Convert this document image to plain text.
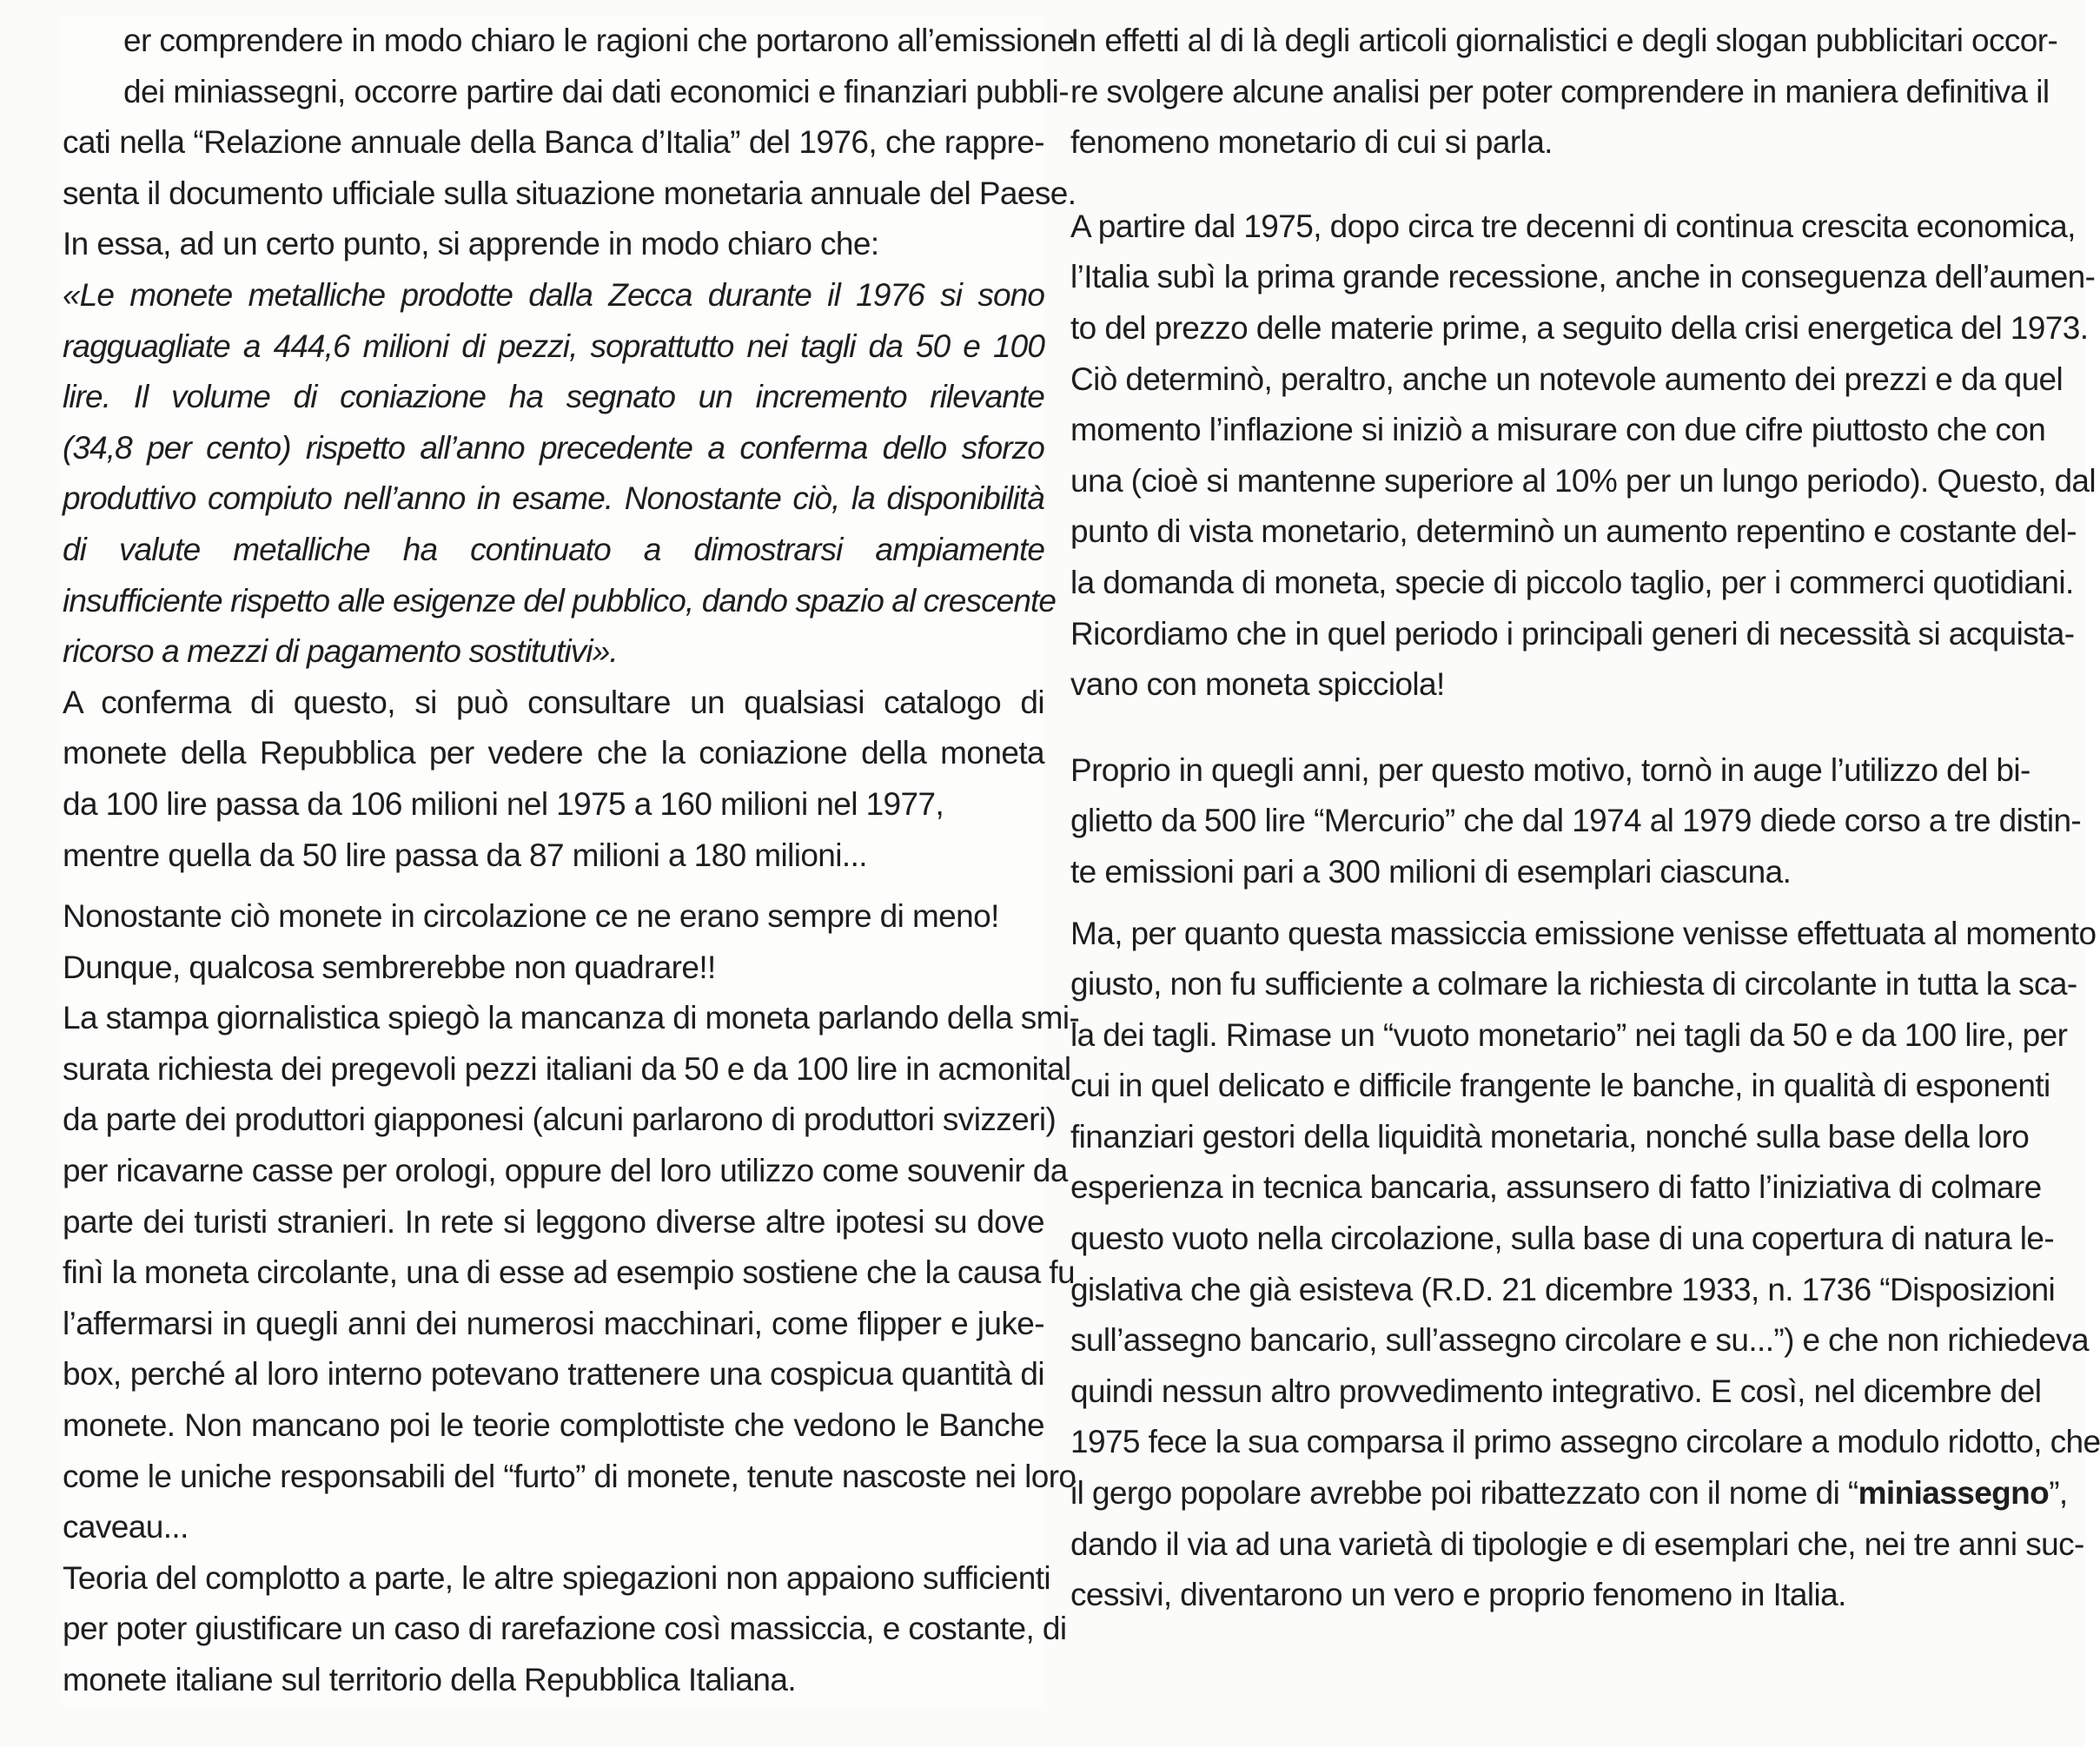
er comprendere in modo chiaro le ragioni che portarono all’emissione
dei miniassegni, occorre partire dai dati economici e finanziari pubbli-
cati nella “Relazione annuale della Banca d’Italia” del 1976, che rappre-
senta il documento ufficiale sulla situazione monetaria annuale del Paese.
In essa, ad un certo punto, si apprende in modo chiaro che:
«Le monete metalliche prodotte dalla Zecca durante il 1976 si sono
ragguagliate a 444,6 milioni di pezzi, soprattutto nei tagli da 50 e 100
lire. Il volume di coniazione ha segnato un incremento rilevante
(34,8 per cento) rispetto all’anno precedente a conferma dello sforzo
produttivo compiuto nell’anno in esame. Nonostante ciò, la disponibilità
di valute metalliche ha continuato a dimostrarsi ampiamente
insufficiente rispetto alle esigenze del pubblico, dando spazio al crescente
ricorso a mezzi di pagamento sostitutivi».
A conferma di questo, si può consultare un qualsiasi catalogo di
monete della Repubblica per vedere che la coniazione della moneta
da 100 lire passa da 106 milioni nel 1975 a 160 milioni nel 1977,
mentre quella da 50 lire passa da 87 milioni a 180 milioni...
Nonostante ciò monete in circolazione ce ne erano sempre di meno!
Dunque, qualcosa sembrerebbe non quadrare!!
La stampa giornalistica spiegò la mancanza di moneta parlando della smi-
surata richiesta dei pregevoli pezzi italiani da 50 e da 100 lire in acmonital
da parte dei produttori giapponesi (alcuni parlarono di produttori svizzeri)
per ricavarne casse per orologi, oppure del loro utilizzo come souvenir da
parte dei turisti stranieri. In rete si leggono diverse altre ipotesi su dove
finì la moneta circolante, una di esse ad esempio sostiene che la causa fu
l’affermarsi in quegli anni dei numerosi macchinari, come flipper e juke-
box, perché al loro interno potevano trattenere una cospicua quantità di
monete. Non mancano poi le teorie complottiste che vedono le Banche
come le uniche responsabili del “furto” di monete, tenute nascoste nei loro
caveau...
Teoria del complotto a parte, le altre spiegazioni non appaiono sufficienti
per poter giustificare un caso di rarefazione così massiccia, e costante, di
monete italiane sul territorio della Repubblica Italiana.
In effetti al di là degli articoli giornalistici e degli slogan pubblicitari occor-
re svolgere alcune analisi per poter comprendere in maniera definitiva il
fenomeno monetario di cui si parla.
A partire dal 1975, dopo circa tre decenni di continua crescita economica,
l’Italia subì la prima grande recessione, anche in conseguenza dell’aumen-
to del prezzo delle materie prime, a seguito della crisi energetica del 1973.
Ciò determinò, peraltro, anche un notevole aumento dei prezzi e da quel
momento l’inflazione si iniziò a misurare con due cifre piuttosto che con
una (cioè si mantenne superiore al 10% per un lungo periodo). Questo, dal
punto di vista monetario, determinò un aumento repentino e costante del-
la domanda di moneta, specie di piccolo taglio, per i commerci quotidiani.
Ricordiamo che in quel periodo i principali generi di necessità si acquista-
vano con moneta spicciola!
Proprio in quegli anni, per questo motivo, tornò in auge l’utilizzo del bi-
glietto da 500 lire “Mercurio” che dal 1974 al 1979 diede corso a tre distin-
te emissioni pari a 300 milioni di esemplari ciascuna.
Ma, per quanto questa massiccia emissione venisse effettuata al momento
giusto, non fu sufficiente a colmare la richiesta di circolante in tutta la sca-
la dei tagli. Rimase un “vuoto monetario” nei tagli da 50 e da 100 lire, per
cui in quel delicato e difficile frangente le banche, in qualità di esponenti
finanziari gestori della liquidità monetaria, nonché sulla base della loro
esperienza in tecnica bancaria, assunsero di fatto l’iniziativa di colmare
questo vuoto nella circolazione, sulla base di una copertura di natura le-
gislativa che già esisteva (R.D. 21 dicembre 1933, n. 1736 “Disposizioni
sull’assegno bancario, sull’assegno circolare e su...”) e che non richiedeva
quindi nessun altro provvedimento integrativo. E così, nel dicembre del
1975 fece la sua comparsa il primo assegno circolare a modulo ridotto, che
il gergo popolare avrebbe poi ribattezzato con il nome di “miniassegno”,
dando il via ad una varietà di tipologie e di esemplari che, nei tre anni suc-
cessivi, diventarono un vero e proprio fenomeno in Italia.
